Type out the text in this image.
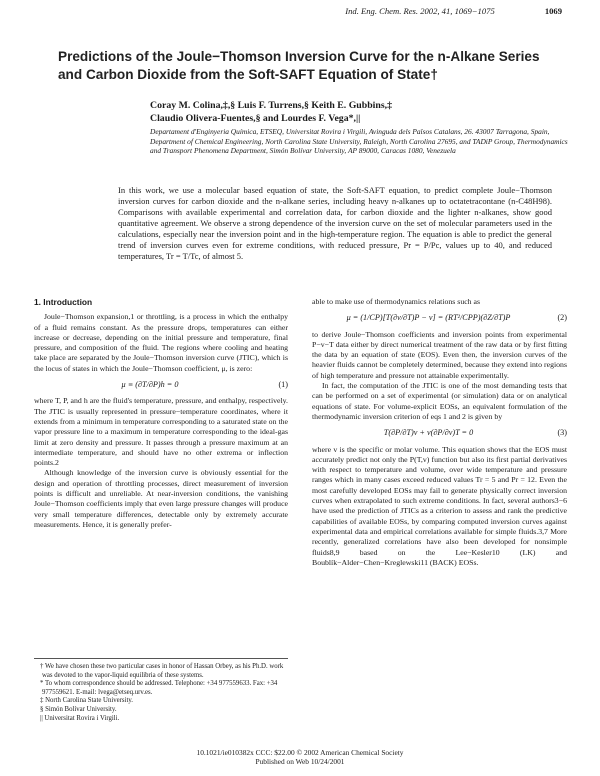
Ind. Eng. Chem. Res. 2002, 41, 1069−1075	1069
Predictions of the Joule−Thomson Inversion Curve for the n-Alkane Series and Carbon Dioxide from the Soft-SAFT Equation of State†
Coray M. Colina,‡,§ Luis F. Turrens,§ Keith E. Gubbins,‡
Claudio Olivera-Fuentes,§ and Lourdes F. Vega*,||
Departament d'Enginyeria Química, ETSEQ, Universitat Rovira i Virgili, Avinguda dels Països Catalans, 26. 43007 Tarragona, Spain, Department of Chemical Engineering, North Carolina State University, Raleigh, North Carolina 27695, and TADiP Group, Thermodynamics and Transport Phenomena Department, Simón Bolívar University, AP 89000, Caracas 1080, Venezuela
In this work, we use a molecular based equation of state, the Soft-SAFT equation, to predict complete Joule−Thomson inversion curves for carbon dioxide and the n-alkane series, including heavy n-alkanes up to octatetracontane (n-C48H98). Comparisons with available experimental and correlation data, for carbon dioxide and the lighter n-alkanes, show good quantitative agreement. We observe a strong dependence of the inversion curve on the set of molecular parameters used in the calculations, especially near the inversion point and in the high-temperature region. The equation is able to predict the general trend of inversion curves even for extreme conditions, with reduced pressure, Pr = P/Pc, values up to 40, and reduced temperatures, Tr = T/Tc, of almost 5.
1. Introduction

Joule−Thomson expansion,1 or throttling, is a process in which the enthalpy of a fluid remains constant. As the pressure drops, temperatures can either increase or decrease, depending on the initial pressure and temperature, final pressure, and composition of the fluid. The regions where cooling and heating take place are separated by the Joule−Thomson inversion curve (JTIC), which is the locus of states in which the Joule−Thomson coefficient, μ, is zero:

μ ≡ (∂T/∂P)h = 0	(1)

where T, P, and h are the fluid's temperature, pressure, and enthalpy, respectively. The JTIC is usually represented in pressure−temperature coordinates, where it extends from a minimum in temperature corresponding to a saturated state on the vapor pressure line to a maximum in temperature corresponding to the ideal-gas limit at zero density and pressure. It passes through a pressure maximum at an intermediate temperature, and should have no other extrema or inflection points.2

Although knowledge of the inversion curve is obviously essential for the design and operation of throttling processes, direct measurement of inversion points is difficult and unreliable. At near-inversion conditions, the vanishing Joule−Thomson coefficients imply that even large pressure changes will produce very small temperature differences, detectable only by extremely accurate measurements. Hence, it is generally prefer-

able to make use of thermodynamics relations such as

μ = (1/CP)[T(∂v/∂T)P − v] = (RT²/CPP)(∂Z/∂T)P	(2)

to derive Joule−Thomson coefficients and inversion points from experimental P−v−T data either by direct numerical treatment of the raw data or by first fitting the data by an equation of state (EOS). Even then, the inversion curves of the heavier fluids cannot be completely determined, because they extend into regions of high temperature and pressure not attainable experimentally.

In fact, the computation of the JTIC is one of the most demanding tests that can be performed on a set of experimental (or simulation) data or on analytical equations of state. For volume-explicit EOSs, an equivalent formulation of the thermodynamic inversion criterion of eqs 1 and 2 is given by

T(∂P/∂T)v + v(∂P/∂v)T = 0	(3)

where v is the specific or molar volume. This equation shows that the EOS must accurately predict not only the P(T,v) function but also its first partial derivatives with respect to temperature and volume, over wide temperature and pressure ranges which in many cases exceed reduced values Tr = 5 and Pr = 12. Even the most carefully developed EOSs may fail to generate physically correct inversion curves when extrapolated to such extreme conditions. In fact, several authors3−6 have used the prediction of JTICs as a criterion to assess and rank the predictive capabilities of available EOSs, by comparing computed inversion curves against experimental data and empirical correlations available for simple fluids.3,7 More recently, generalized correlations have also been developed for nonsimple fluids8,9 based on the Lee−Kesler10 (LK) and Boublík−Alder−Chen−Kreglewski11 (BACK) EOSs.

† We have chosen these two particular cases in honor of Hassan Orbey, as his Ph.D. work was devoted to the vapor-liquid equilibria of these systems.

* To whom correspondence should be addressed. Telephone: +34 977559633. Fax: +34 977559621. E-mail: lvega@etseq.urv.es.

‡ North Carolina State University.

§ Simón Bolívar University.

|| Universitat Rovira i Virgili.

10.1021/ie010382x CCC: $22.00 © 2002 American Chemical Society
Published on Web 10/24/2001
